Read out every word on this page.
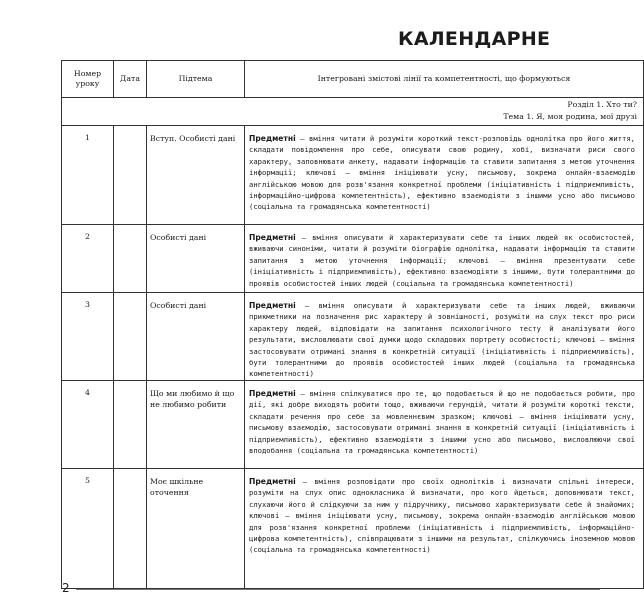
КАЛЕНДАРНЕ
Номер уроку	Дата	Підтема	Інтегровані змістові лінії та компетентності, що формуються
Розділ 1. Хто ти?			
Тема 1. Я, моя родина, мої друзі			
1		Вступ. Особисті дані	Предметні — вміння читати й розуміти короткий текст-розповідь одноліткa про його життя, складати повідомлення про себе, описувати свою родину, хобі, визначати риси свого характеру, заповнювати анкету, надавати інформацію та ставити запитання з метою уточнення інформації; ключові — вміння ініціювати усну, письмову, зокрема онлайн-взаємодію англійською мовою для розв'язання конкретної проблеми (ініціативність і підприємливість, інформаційно-цифрова компетентність), ефективно взаємодіяти з іншими усно або письмово (соціальна та громадянська компетентності)
2		Особисті дані	Предметні — вміння описувати й характеризувати себе та інших людей як особистостей, вживаючи синоніми, читати й розуміти біографію однолітка, надавати інформацію та ставити запитання з метою уточнення інформації; ключові — вміння презентувати себе (ініціативність і підприємливість), ефективно взаємодіяти з іншими, бути толерантними до проявів особистостей інших людей (соціальна та громадянська компетентності)
3		Особисті дані	Предметні — вміння описувати й характеризувати себе та інших людей, вживаючи прикметники на позначення рис характеру й зовнішності, розуміти на слух текст про риси характеру людей, відповідати на запитання психологічного тесту й аналізувати його результати, висловлювати свої думки щодо складових портрету особистості; ключові — вміння застосовувати отримані знання в конкретній ситуації (ініціативність і підприємливість), бути толерантними до проявів особистостей інших людей (соціальна та громадянська компетентності)
4		Що ми любимо й що не любимо робити	Предметні — вміння спілкуватися про те, що подобається й що не подобається робити, про дії, які добре виходять робити тощо, вживаючи герундій, читати й розуміти короткі тексти, складати речення про себе за мовленнєвим зразком; ключові — вміння ініціювати усну, письмову взаємодію, застосовувати отримані знання в конкретній ситуації (ініціативність і підприємливість), ефективно взаємодіяти з іншими усно або письмово, висловлюючи свої вподобання (соціальна та громадянська компетентності)
5		Моє шкільне оточення	Предметні — вміння розповідати про своїх однолітків і визначати спільні інтереси, розуміти на слух опис одноклaсника й визначати, про кого йдеться, доповнювати текст, слухаючи його й слідкуючи за ним у підручнику, письмово характеризувати себе й знайомих; ключові — вміння ініціювати усну, письмову, зокрема онлайн-взаємодію англійською мовою для розв'язання конкретної проблеми (ініціативність і підприємливість, інформаційно-цифрова компетентність), співпрацювати з іншими на результат, спілкуючись іноземною мовою (соціальна та громадянська компетентності)
2
